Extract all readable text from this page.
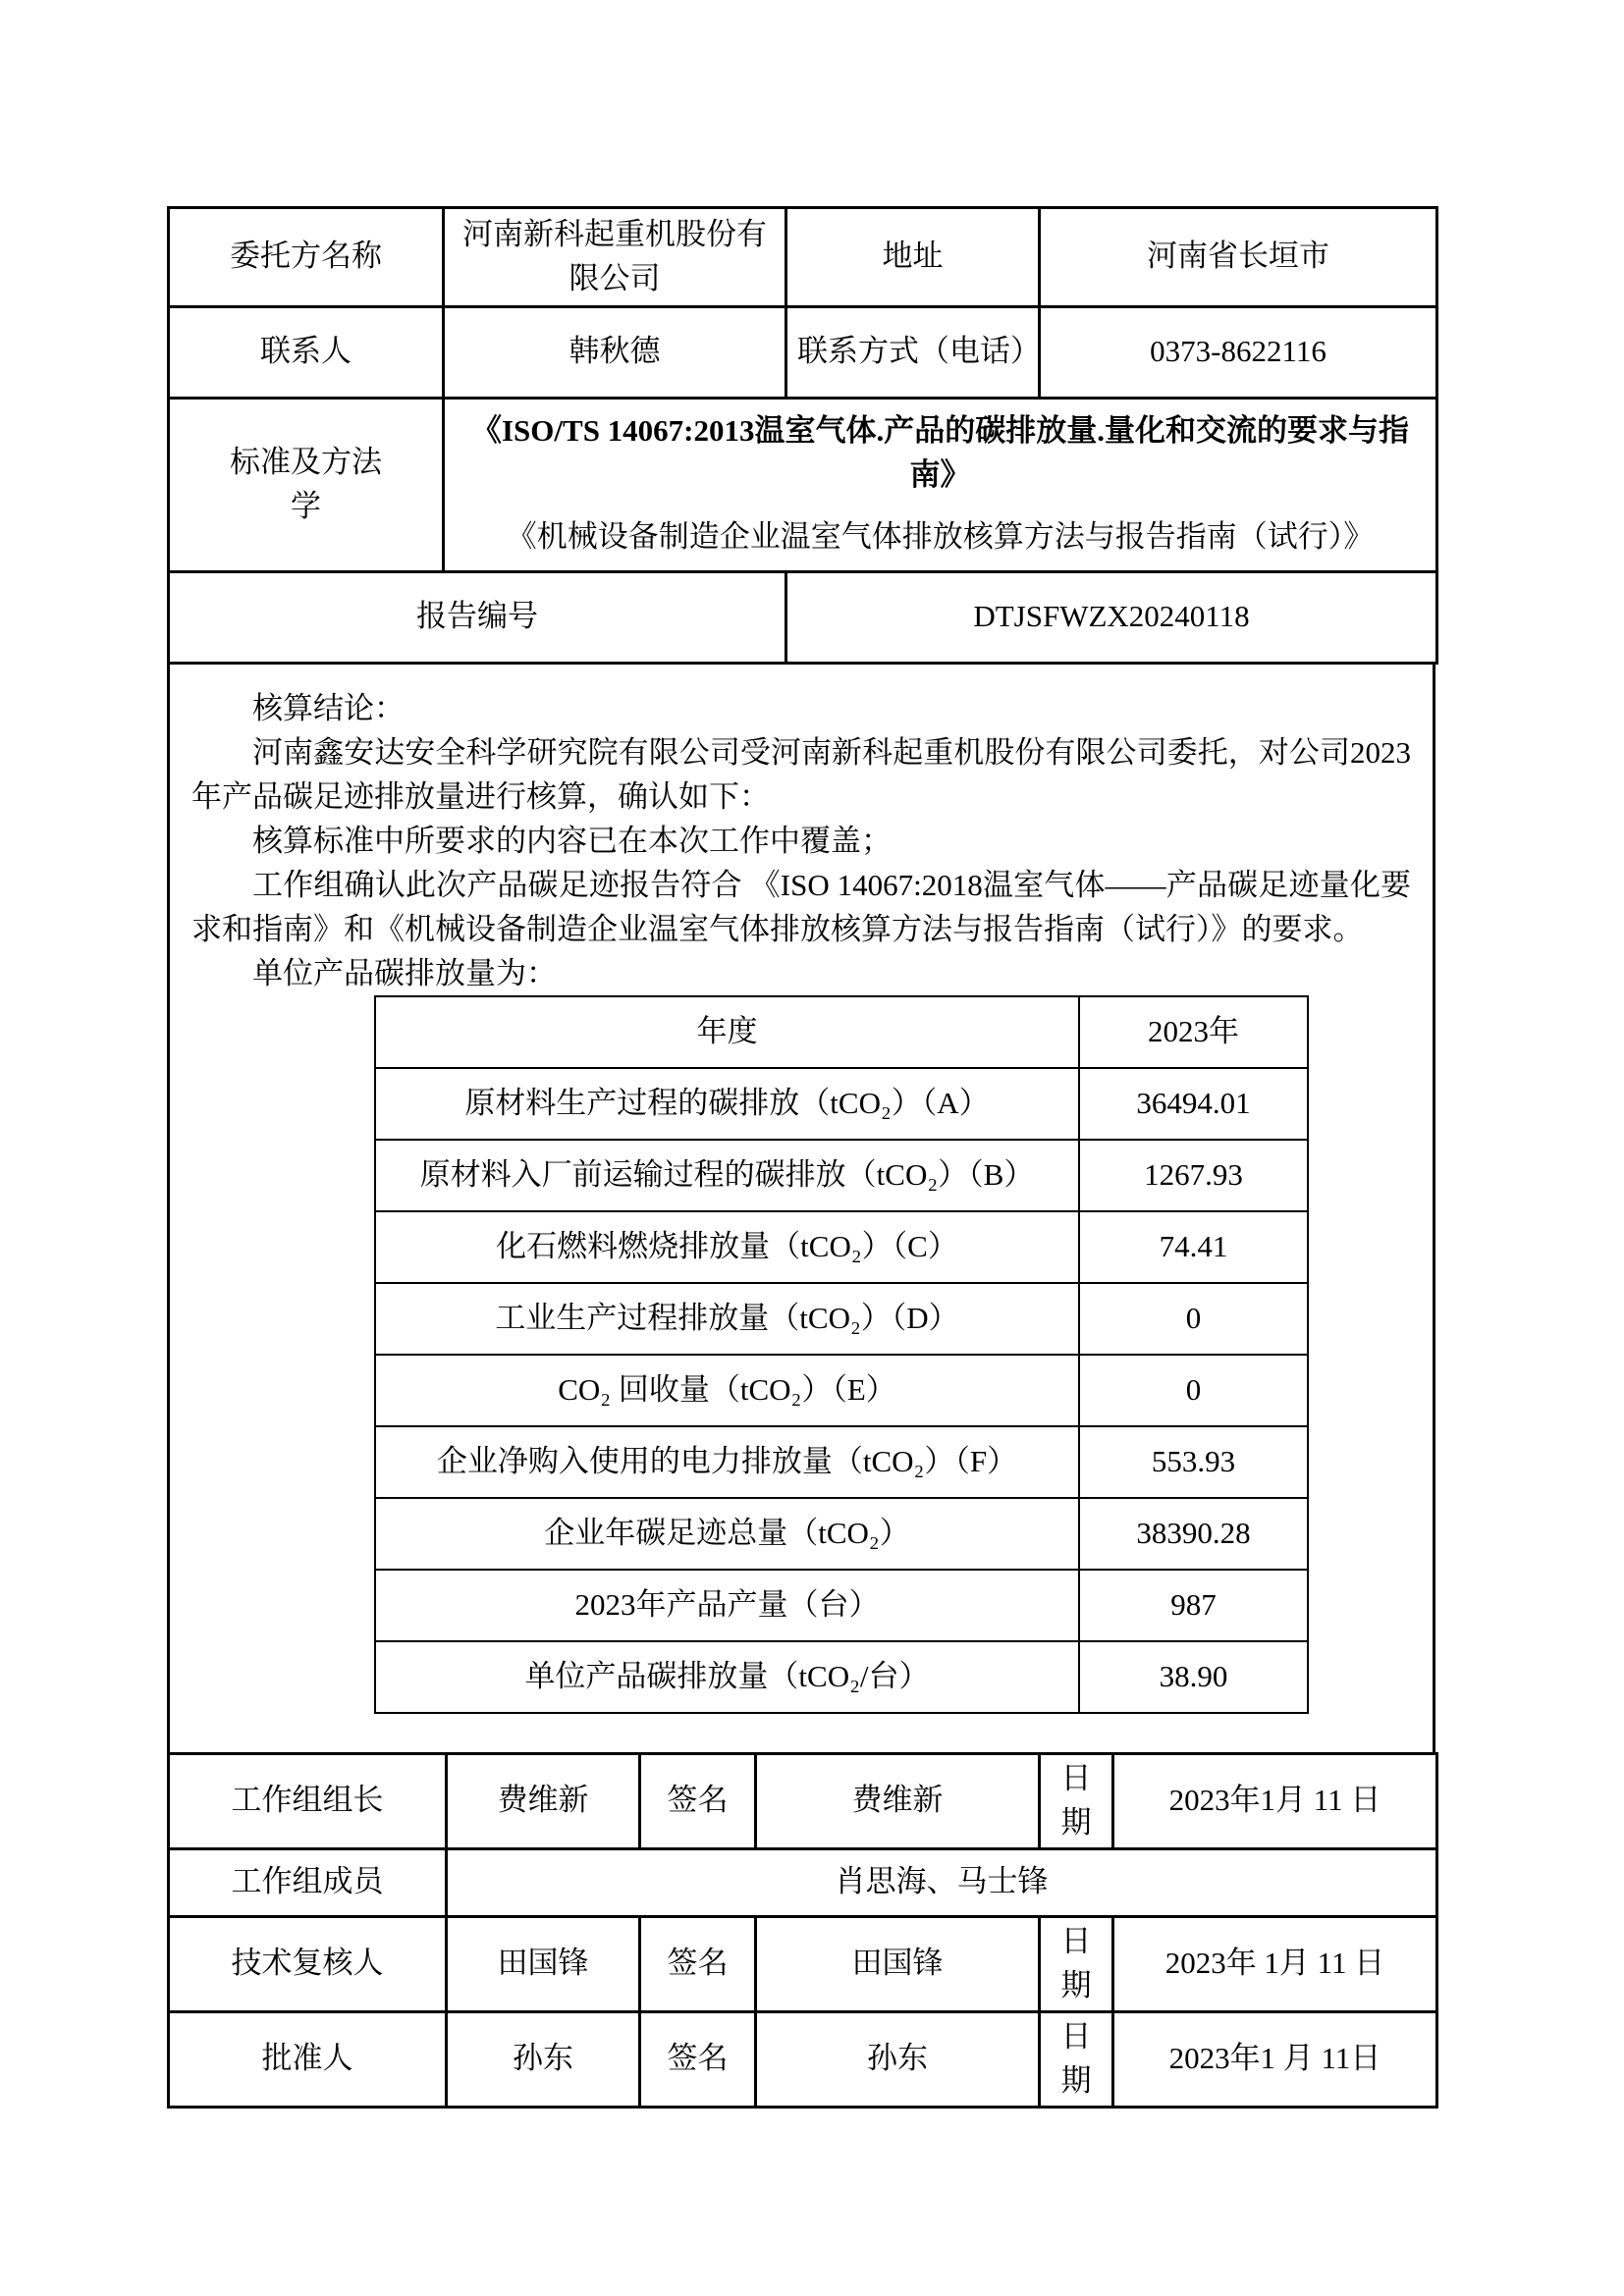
委托方名称	河南新科起重机股份有限公司	地址	河南省长垣市
联系人	韩秋德	联系方式（电话）	0373-8622116
标准及方法学	《ISO/TS 14067:2013温室气体.产品的碳排放量.量化和交流的要求与指南》

《机械设备制造企业温室气体排放核算方法与报告指南（试行）》		

报告编号		DTJSFWZX20240118	

核算结论：

河南鑫安达安全科学研究院有限公司受河南新科起重机股份有限公司委托，对公司2023年产品碳足迹排放量进行核算，确认如下：

核算标准中所要求的内容已在本次工作中覆盖；

工作组确认此次产品碳足迹报告符合 《ISO 14067:2018温室气体——产品碳足迹量化要求和指南》和《机械设备制造企业温室气体排放核算方法与报告指南（试行）》的要求。

单位产品碳排放量为：

年度	2023年
原材料生产过程的碳排放（tCO₂）（A）	36494.01
原材料入厂前运输过程的碳排放（tCO₂）（B）	1267.93
化石燃料燃烧排放量（tCO₂）（C）	74.41
工业生产过程排放量（tCO₂）（D）	0
CO₂ 回收量（tCO₂）（E）	0
企业净购入使用的电力排放量（tCO₂）（F）	553.93
企业年碳足迹总量（tCO₂）	38390.28
2023年产品产量（台）	987
单位产品碳排放量（tCO₂/台）	38.90
工作组组长	费维新	签名	费维新	日期	2023年1月 11 日
工作组成员	肖思海、马士锋				
技术复核人	田国锋	签名	田国锋	日期	2023年 1月 11 日
批准人	孙东	签名	孙东	日期	2023年1 月 11日
